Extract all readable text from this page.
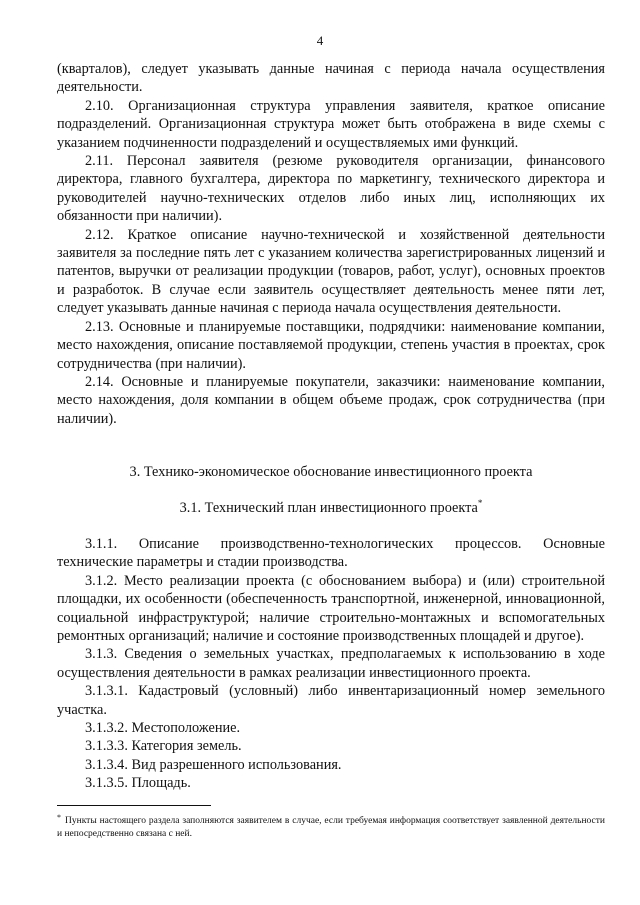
4

(кварталов), следует указывать данные начиная с периода начала осуществления деятельности.

2.10. Организационная структура управления заявителя, краткое описание подразделений. Организационная структура может быть отображена в виде схемы с указанием подчиненности подразделений и осуществляемых ими функций.

2.11. Персонал заявителя (резюме руководителя организации, финансового директора, главного бухгалтера, директора по маркетингу, технического директора и руководителей научно-технических отделов либо иных лиц, исполняющих их обязанности при наличии).

2.12. Краткое описание научно-технической и хозяйственной деятельности заявителя за последние пять лет с указанием количества зарегистрированных лицензий и патентов, выручки от реализации продукции (товаров, работ, услуг), основных проектов и разработок. В случае если заявитель осуществляет деятельность менее пяти лет, следует указывать данные начиная с периода начала осуществления деятельности.

2.13. Основные и планируемые поставщики, подрядчики: наименование компании, место нахождения, описание поставляемой продукции, степень участия в проектах, срок сотрудничества (при наличии).

2.14. Основные и планируемые покупатели, заказчики: наименование компании, место нахождения, доля компании в общем объеме продаж, срок сотрудничества (при наличии).

3. Технико-экономическое обоснование инвестиционного проекта

3.1. Технический план инвестиционного проекта*

3.1.1. Описание производственно-технологических процессов. Основные технические параметры и стадии производства.

3.1.2. Место реализации проекта (с обоснованием выбора) и (или) строительной площадки, их особенности (обеспеченность транспортной, инженерной, инновационной, социальной инфраструктурой; наличие строительно-монтажных и вспомогательных ремонтных организаций; наличие и состояние производственных площадей и другое).

3.1.3. Сведения о земельных участках, предполагаемых к использованию в ходе осуществления деятельности в рамках реализации инвестиционного проекта.

3.1.3.1. Кадастровый (условный) либо инвентаризационный номер земельного участка.

3.1.3.2. Местоположение.

3.1.3.3. Категория земель.

3.1.3.4. Вид разрешенного использования.

3.1.3.5. Площадь.

* Пункты настоящего раздела заполняются заявителем в случае, если требуемая информация соответствует заявленной деятельности и непосредственно связана с ней.
